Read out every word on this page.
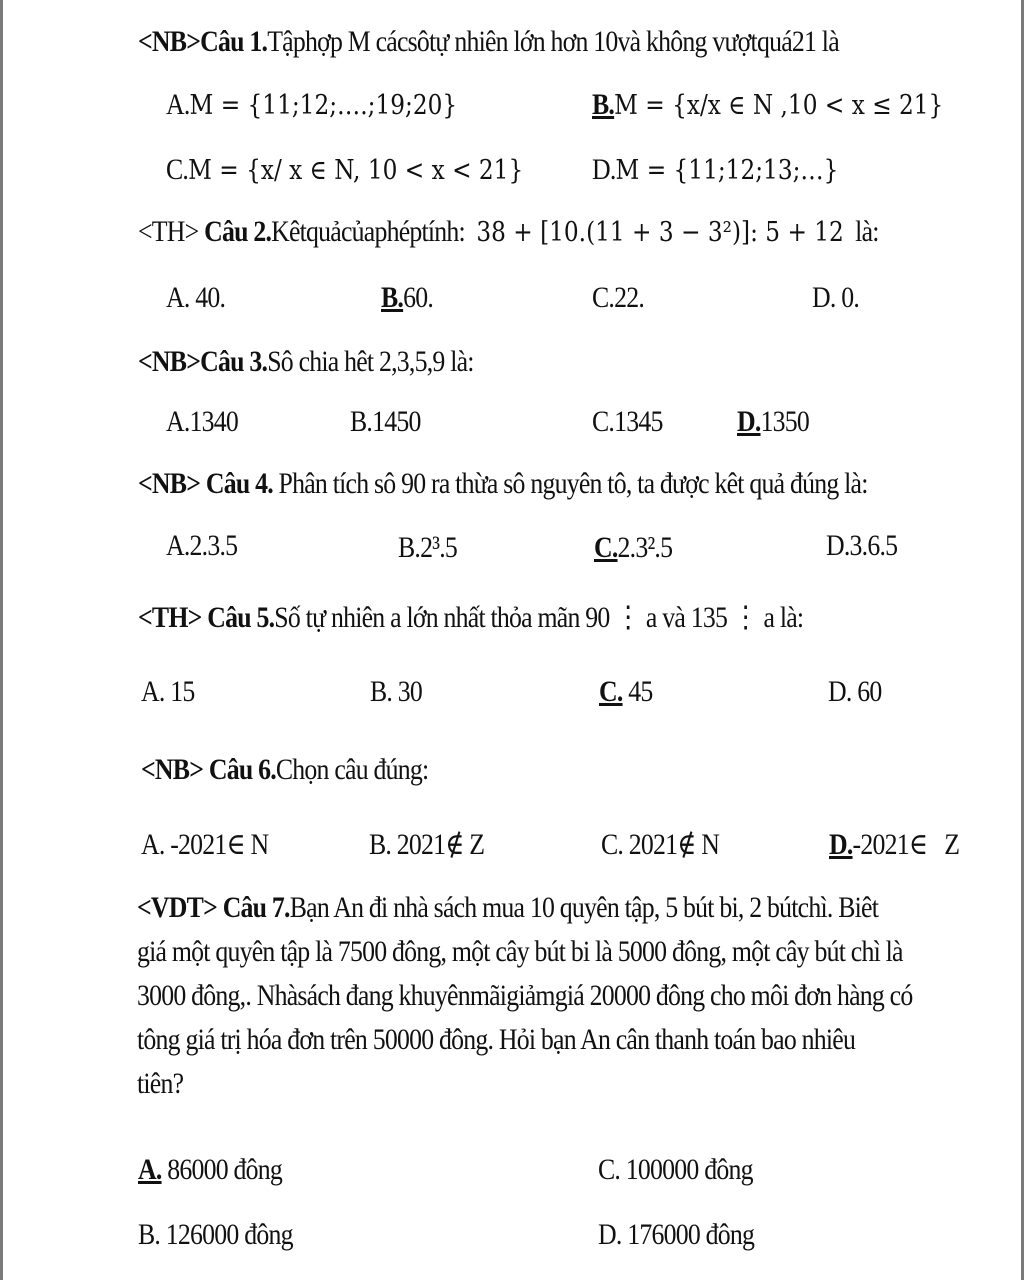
<NB>Câu 1.Tậphợp M cácsôtự nhiên lớn hơn 10và không vượtquá21 là
A.M = {11;12;….;19;20}	B.M = {x/x ∈ N ,10 < x ≤ 21}
C.M = {x/ x ∈ N, 10 < x < 21} D.M = {11;12;13;…}
<TH> Câu 2.Kêtquảcủaphéptính: 38 + [10.(11 + 3 − 3²)]: 5 + 12 là:
A. 40.	B.60.	C.22.	D. 0.
<NB>Câu 3.Sô chia hêt 2,3,5,9 là:
A.1340	B.1450	C.1345 D.1350
<NB> Câu 4. Phân tích sô 90 ra thừa sô nguyên tô, ta được kêt quả đúng là:
A.2.3.5	B.2³.5	C.2.3².5	D.3.6.5
<TH> Câu 5.Số tự nhiên a lớn nhất thỏa mãn 90 ⋮ a và 135 ⋮ a là:
A. 15	B. 30	C. 45	D. 60
<NB> Câu 6.Chọn câu đúng:
A. -2021∈ N	B. 2021∉ Z	C. 2021∉ N	D.-2021∈   Z
<VDT> Câu 7.Bạn An đi nhà sách mua 10 quyên tập, 5 bút bi, 2 bútchì. Biêt
giá một quyên tập là 7500 đông, một cây bút bi là 5000 đông, một cây bút chì là
3000 đông,. Nhàsách đang khuyênmãigiảmgiá 20000 đông cho môi đơn hàng có
tông giá trị hóa đơn trên 50000 đông. Hỏi bạn An cân thanh toán bao nhiêu
tiên?
A. 86000 đông	C. 100000 đông
B. 126000 đông	D. 176000 đông
